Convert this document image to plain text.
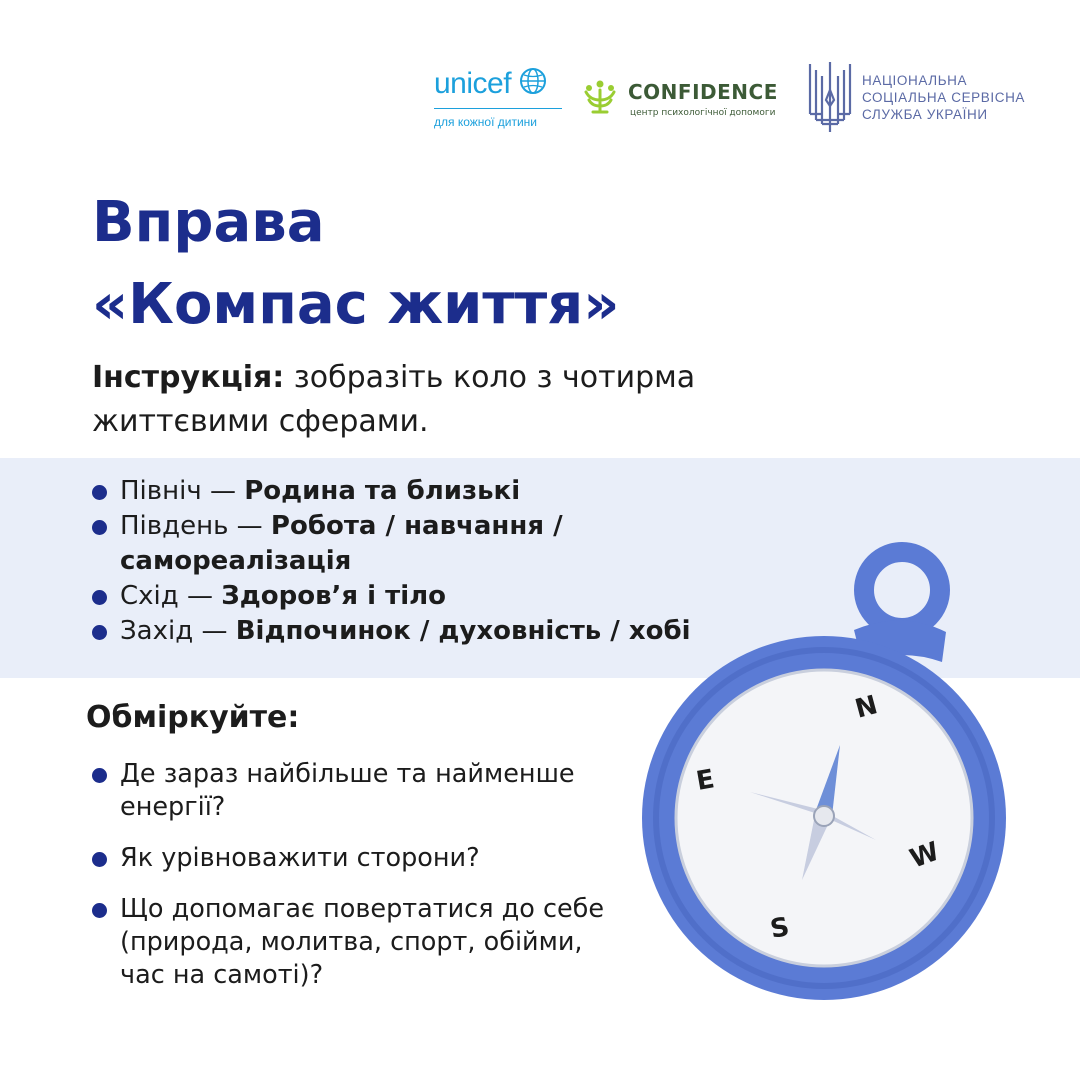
unicef
для кожної дитини
CONFIDENCE
центр психологічної допомоги
НАЦІОНАЛЬНА
СОЦІАЛЬНА СЕРВІСНА
СЛУЖБА УКРАЇНИ
Вправа
«Компас життя»

Інструкція: зобразіть коло з чотирма життєвими сферами.

Північ — Родина та близькі
Південь — Робота / навчання / самореалізація
Схід — Здоров’я і тіло
Захід — Відпочинок / духовність / хобі
Обміркуйте:
Де зараз найбільше та найменше енергії?
Як урівноважити сторони?
Що допомагає повертатися до себе (природа, молитва, спорт, обійми, час на самоті)?
N
E
W
S
